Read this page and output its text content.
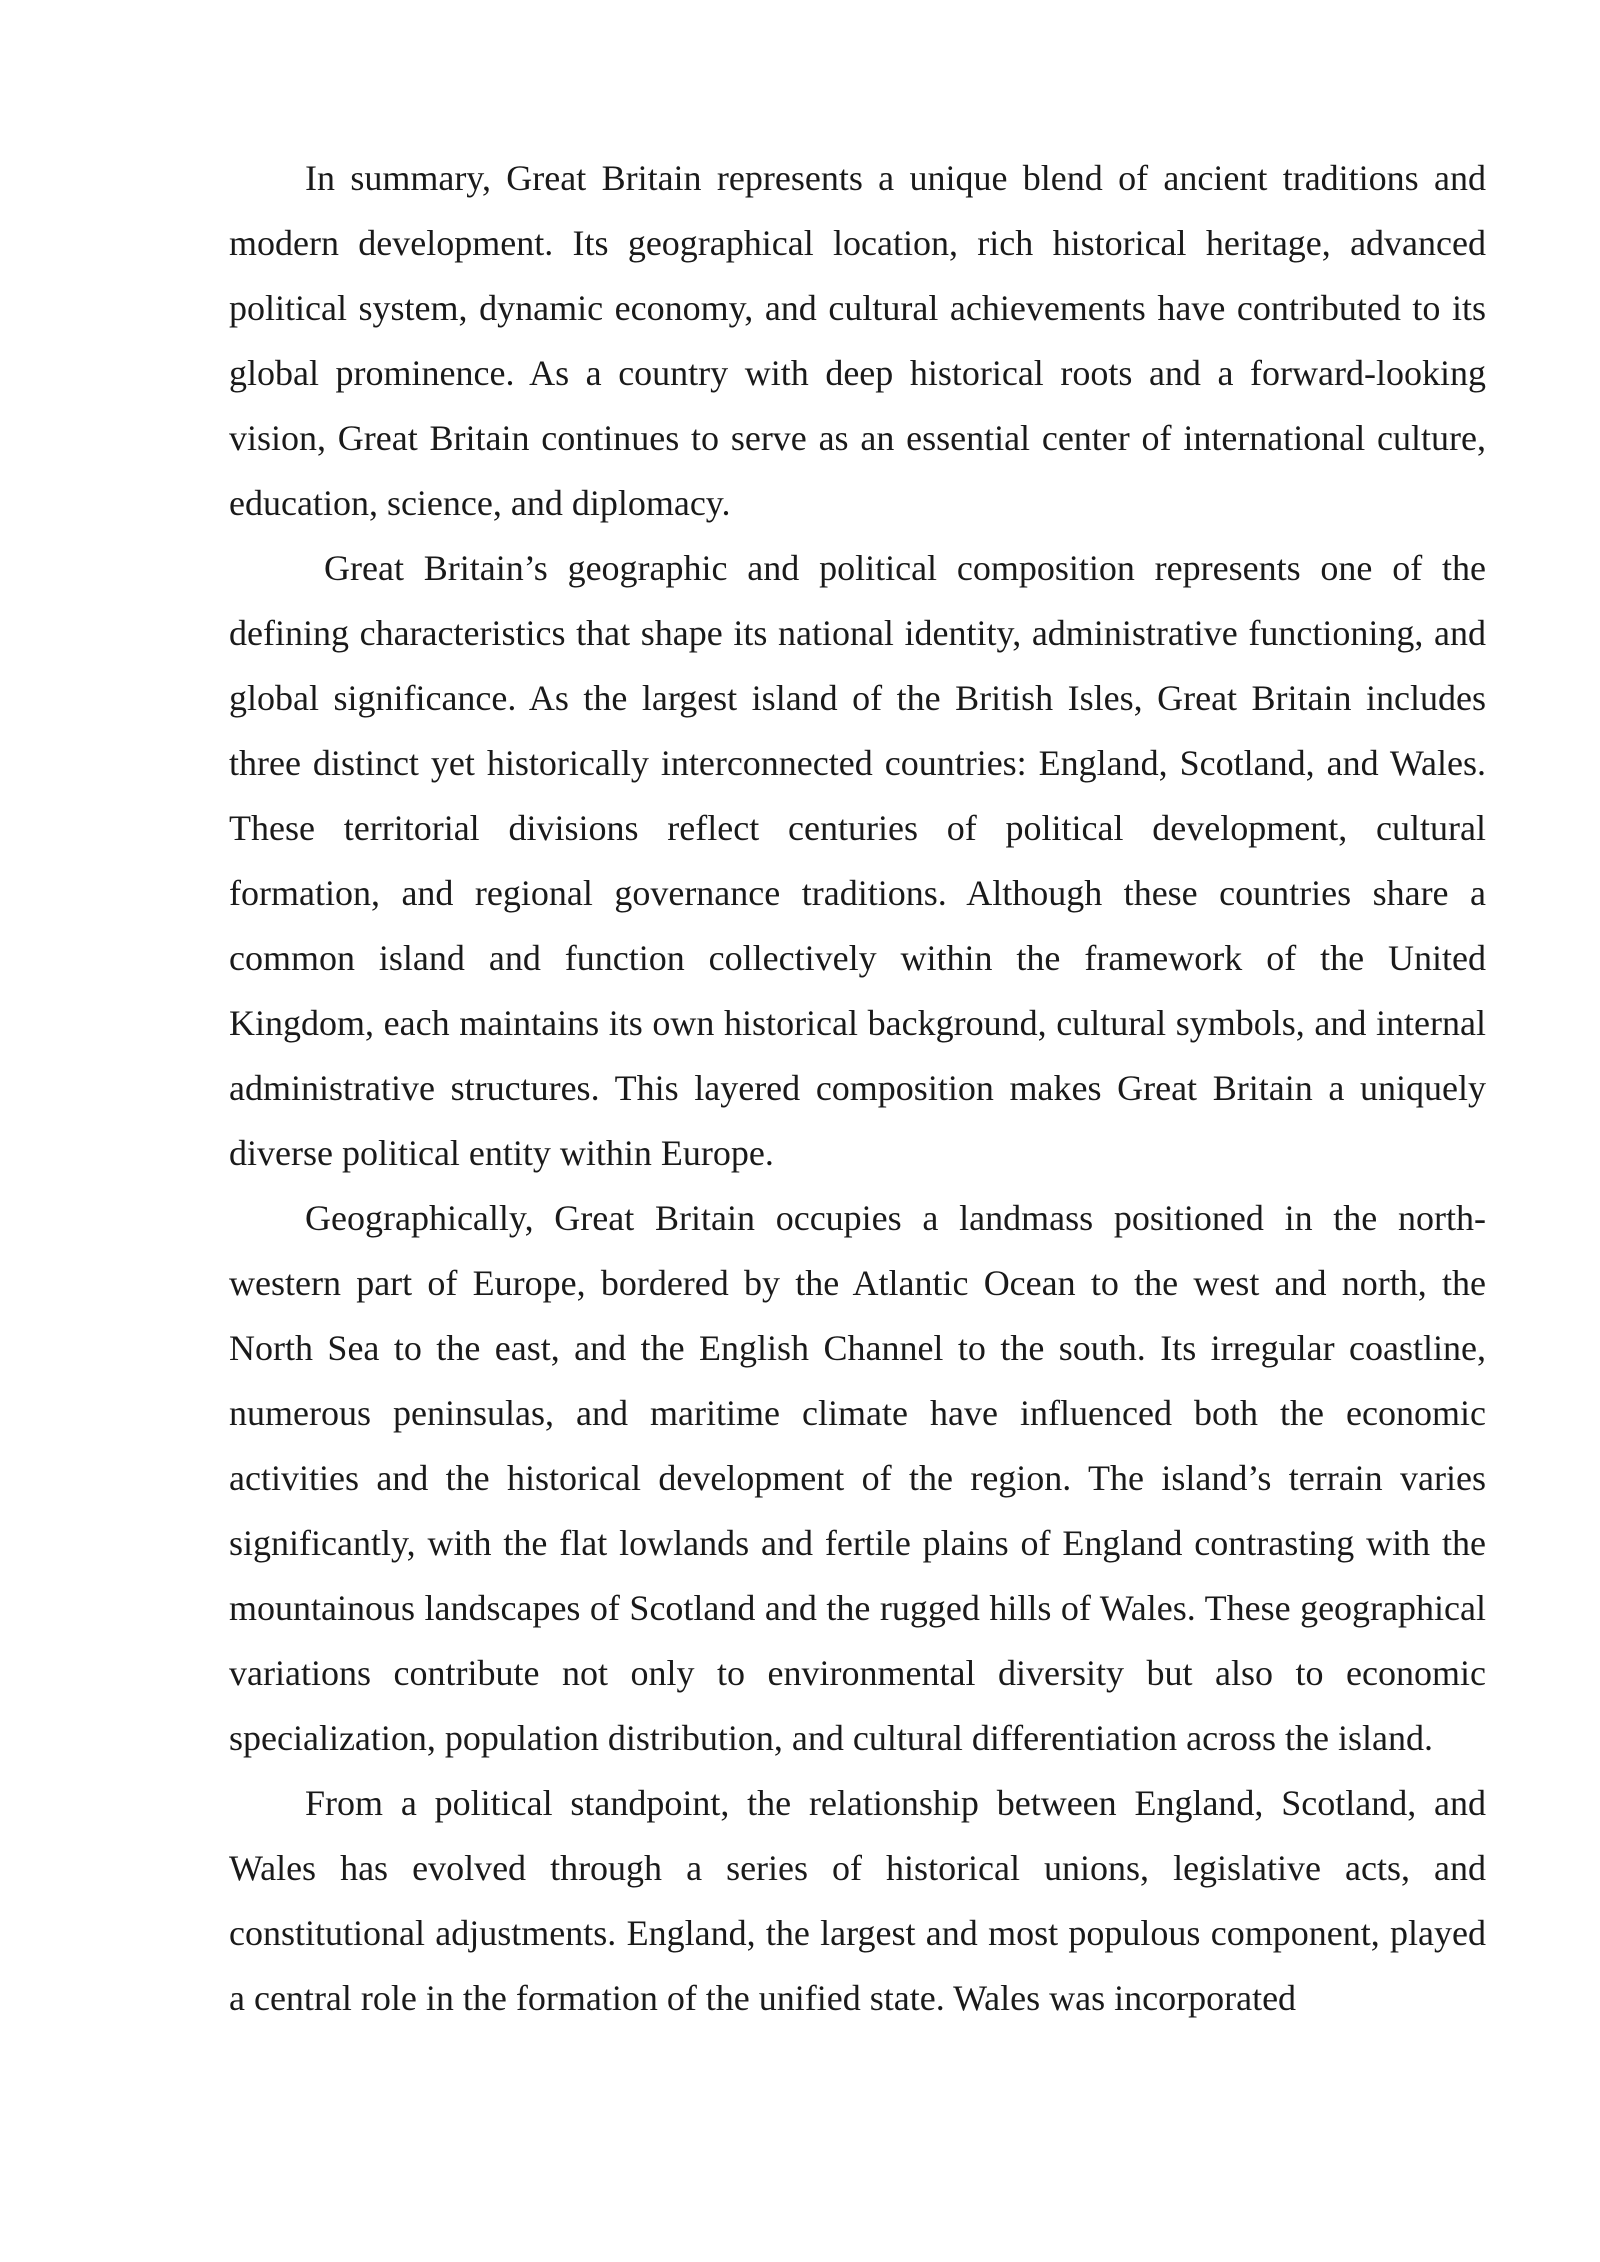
In summary, Great Britain represents a unique blend of ancient traditions and modern development. Its geographical location, rich historical heritage, advanced political system, dynamic economy, and cultural achievements have contributed to its global prominence. As a country with deep historical roots and a forward-looking vision, Great Britain continues to serve as an essential center of international culture, education, science, and diplomacy.

Great Britain’s geographic and political composition represents one of the defining characteristics that shape its national identity, administrative functioning, and global significance. As the largest island of the British Isles, Great Britain includes three distinct yet historically interconnected countries: England, Scotland, and Wales. These territorial divisions reflect centuries of political development, cultural formation, and regional governance traditions. Although these countries share a common island and function collectively within the framework of the United Kingdom, each maintains its own historical background, cultural symbols, and internal administrative structures. This layered composition makes Great Britain a uniquely diverse political entity within Europe.

Geographically, Great Britain occupies a landmass positioned in the north-western part of Europe, bordered by the Atlantic Ocean to the west and north, the North Sea to the east, and the English Channel to the south. Its irregular coastline, numerous peninsulas, and maritime climate have influenced both the economic activities and the historical development of the region. The island’s terrain varies significantly, with the flat lowlands and fertile plains of England contrasting with the mountainous landscapes of Scotland and the rugged hills of Wales. These geographical variations contribute not only to environmental diversity but also to economic specialization, population distribution, and cultural differentiation across the island.

From a political standpoint, the relationship between England, Scotland, and Wales has evolved through a series of historical unions, legislative acts, and constitutional adjustments. England, the largest and most populous component, played a central role in the formation of the unified state. Wales was incorporated
